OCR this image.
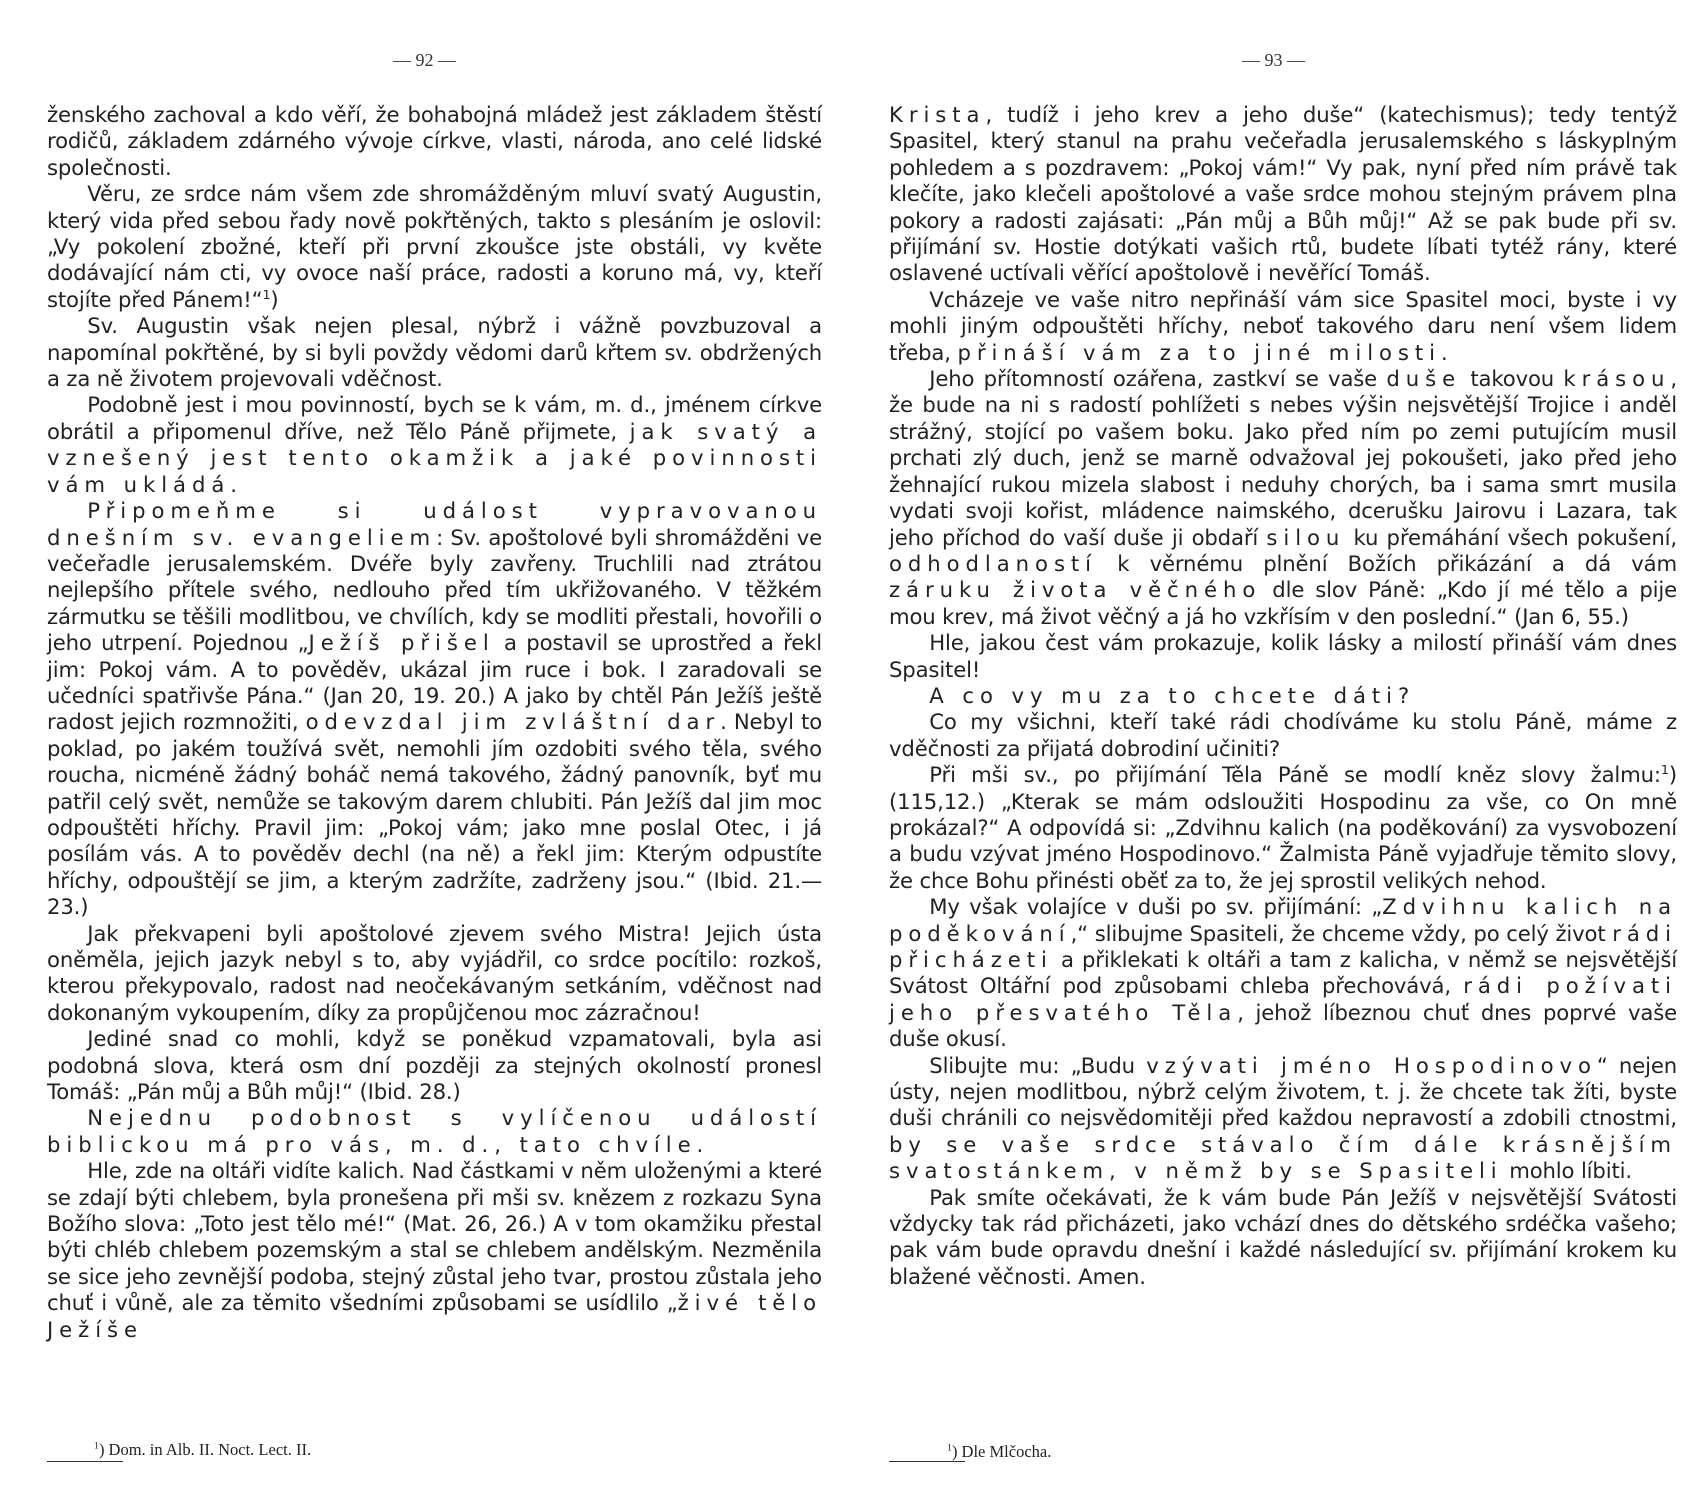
— 92 —

ženského zachoval a kdo věří, že bohabojná mládež jest základem štěstí rodičů, základem zdárného vývoje církve, vlasti, národa, ano celé lidské společnosti.

Věru, ze srdce nám všem zde shromážděným mluví svatý Augustin, který vida před sebou řady nově pokřtěných, takto s plesáním je oslovil: „Vy pokolení zbožné, kteří při první zkoušce jste obstáli, vy květe dodávající nám cti, vy ovoce naší práce, radosti a koruno má, vy, kteří stojíte před Pánem!“$^1$)

Sv. Augustin však nejen plesal, nýbrž i vážně povzbuzoval a napomínal pokřtěné, by si byli povždy vědomi darů křtem sv. obdržených a za ně životem projevovali vděčnost.

Podobně jest i mou povinností, bych se k vám, m. d., jménem církve obrátil a připomenul dříve, než Tělo Páně přijmete, jak svatý a vznešený jest tento okamžik a jaké povinnosti vám ukládá.

Připomeňme si událost vypravovanou dnešním sv. evangeliem: Sv. apoštolové byli shromážděni ve večeřadle jerusalemském. Dvéře byly zavřeny. Truchlili nad ztrátou nejlepšího přítele svého, nedlouho před tím ukřižovaného. V těžkém zármutku se těšili modlitbou, ve chvílích, kdy se modliti přestali, hovořili o jeho utrpení. Pojednou „Ježíš přišel a postavil se uprostřed a řekl jim: Pokoj vám. A to pověděv, ukázal jim ruce i bok. I zaradovali se učedníci spatřivše Pána.“ (Jan 20, 19. 20.) A jako by chtěl Pán Ježíš ještě radost jejich rozmnožiti, odevzdal jim zvláštní dar. Nebyl to poklad, po jakém toužívá svět, nemohli jím ozdobiti svého těla, svého roucha, nicméně žádný boháč nemá takového, žádný panovník, byť mu patřil celý svět, nemůže se takovým darem chlubiti. Pán Ježíš dal jim moc odpouštěti hříchy. Pravil jim: „Pokoj vám; jako mne poslal Otec, i já posílám vás. A to pověděv dechl (na ně) a řekl jim: Kterým odpustíte hříchy, odpouštějí se jim, a kterým zadržíte, zadrženy jsou.“ (Ibid. 21.—23.)

Jak překvapeni byli apoštolové zjevem svého Mistra! Jejich ústa oněměla, jejich jazyk nebyl s to, aby vyjádřil, co srdce pocítilo: rozkoš, kterou překypovalo, radost nad neočekávaným setkáním, vděčnost nad dokonaným vykoupením, díky za propůjčenou moc zázračnou!

Jediné snad co mohli, když se poněkud vzpamatovali, byla asi podobná slova, která osm dní později za stejných okolností pronesl Tomáš: „Pán můj a Bůh můj!“ (Ibid. 28.)

Nejednu podobnost s vylíčenou událostí biblickou má pro vás, m. d., tato chvíle.

Hle, zde na oltáři vidíte kalich. Nad částkami v něm uloženými a které se zdají býti chlebem, byla pronešena při mši sv. knězem z rozkazu Syna Božího slova: „Toto jest tělo mé!“ (Mat. 26, 26.) A v tom okamžiku přestal býti chléb chlebem pozemským a stal se chlebem andělským. Nezměnila se sice jeho zevnější podoba, stejný zůstal jeho tvar, prostou zůstala jeho chuť i vůně, ale za těmito všedními způsobami se usídlilo „živé tělo Ježíše

$^1$) Dom. in Alb. II. Noct. Lect. II.
— 93 —

Krista, tudíž i jeho krev a jeho duše“ (katechismus); tedy tentýž Spasitel, který stanul na prahu večeřadla jerusalemského s láskyplným pohledem a s pozdravem: „Pokoj vám!“ Vy pak, nyní před ním právě tak klečíte, jako klečeli apoštolové a vaše srdce mohou stejným právem plna pokory a radosti zajásati: „Pán můj a Bůh můj!“ Až se pak bude při sv. přijímání sv. Hostie dotýkati vašich rtů, budete líbati tytéž rány, které oslavené uctívali věřící apoštolově i nevěřící Tomáš.

Vcházeje ve vaše nitro nepřináší vám sice Spasitel moci, byste i vy mohli jiným odpouštěti hříchy, neboť takového daru není všem lidem třeba, přináší vám za to jiné milosti.

Jeho přítomností ozářena, zastkví se vaše duše takovou krásou, že bude na ni s radostí pohlížeti s nebes výšin nejsvětější Trojice i anděl strážný, stojící po vašem boku. Jako před ním po zemi putujícím musil prchati zlý duch, jenž se marně odvažoval jej pokoušeti, jako před jeho žehnající rukou mizela slabost i neduhy chorých, ba i sama smrt musila vydati svoji kořist, mládence naimského, dcerušku Jairovu i Lazara, tak jeho příchod do vaší duše ji obdaří silou ku přemáhání všech pokušení, odhodlaností k věrnému plnění Božích přikázání a dá vám záruku života věčného dle slov Páně: „Kdo jí mé tělo a pije mou krev, má život věčný a já ho vzkřísím v den poslední.“ (Jan 6, 55.)

Hle, jakou čest vám prokazuje, kolik lásky a milostí přináší vám dnes Spasitel!

A co vy mu za to chcete dáti?

Co my všichni, kteří také rádi chodíváme ku stolu Páně, máme z vděčnosti za přijatá dobrodiní učiniti?

Při mši sv., po přijímání Těla Páně se modlí kněz slovy žalmu:$^1$) (115,12.) „Kterak se mám odsloužiti Hospodinu za vše, co On mně prokázal?“ A odpovídá si: „Zdvihnu kalich (na poděkování) za vysvobození a budu vzývat jméno Hospodinovo.“ Žalmista Páně vyjadřuje těmito slovy, že chce Bohu přinésti oběť za to, že jej sprostil velikých nehod.

My však volajíce v duši po sv. přijímání: „Zdvihnu kalich na poděkování,“ slibujme Spasiteli, že chceme vždy, po celý život rádi přicházeti a přiklekati k oltáři a tam z kalicha, v němž se nejsvětější Svátost Oltářní pod způsobami chleba přechovává, rádi požívati jeho přesvatého Těla, jehož líbeznou chuť dnes poprvé vaše duše okusí.

Slibujte mu: „Budu vzývati jméno Hospodinovo“ nejen ústy, nejen modlitbou, nýbrž celým životem, t. j. že chcete tak žíti, byste duši chránili co nejsvědomitěji před každou nepravostí a zdobili ctnostmi, by se vaše srdce stávalo čím dále krásnějším svatostánkem, v němž by se Spasiteli mohlo líbiti.

Pak smíte očekávati, že k vám bude Pán Ježíš v nejsvětější Svátosti vždycky tak rád přicházeti, jako vchází dnes do dětského srdéčka vašeho; pak vám bude opravdu dnešní i každé následující sv. přijímání krokem ku blažené věčnosti. Amen.

$^1$) Dle Mlčocha.
